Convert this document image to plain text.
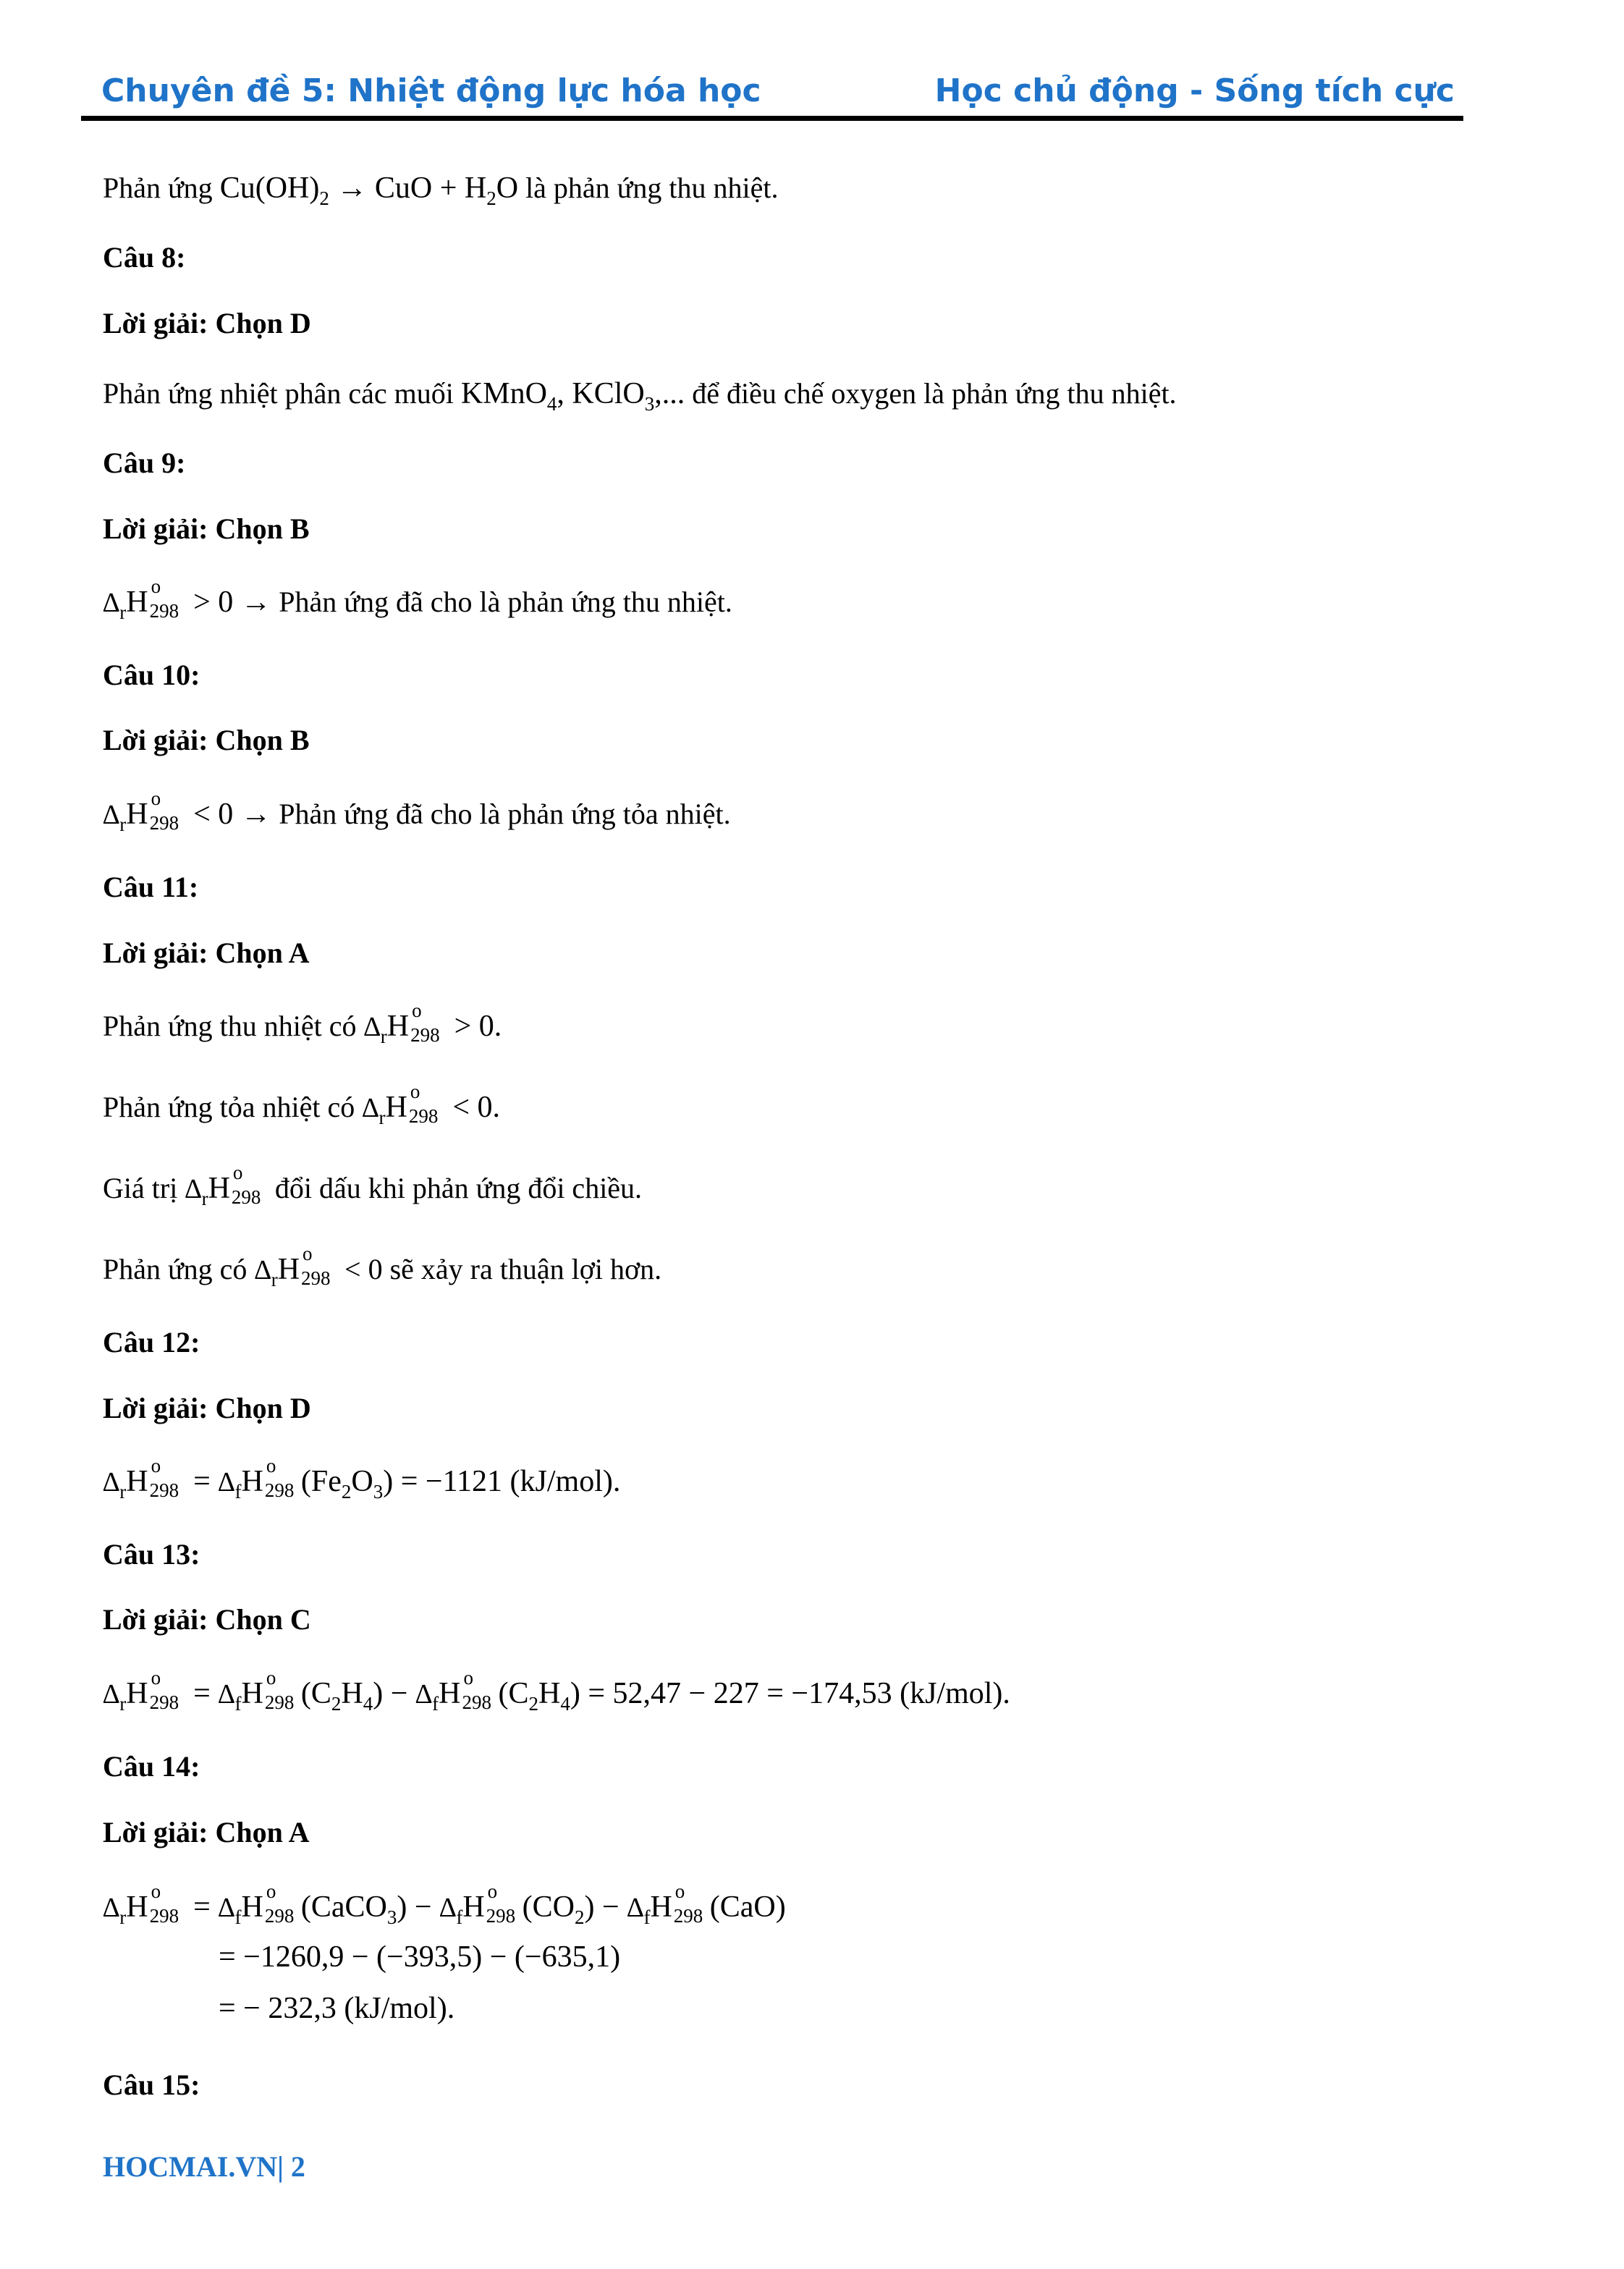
Chuyên đề 5: Nhiệt động lực hóa học	Học chủ động - Sống tích cực
Phản ứng $Cu(OH)_2$ → CuO + $H_2O$ là phản ứng thu nhiệt.
Câu 8:
Lời giải: Chọn D
Phản ứng nhiệt phân các muối KMnO$_4$, KClO$_3$,... để điều chế oxygen là phản ứng thu nhiệt.
Câu 9:
Lời giải: Chọn B
$\Delta_rH$ o
298 > 0 → Phản ứng đã cho là phản ứng thu nhiệt.
Câu 10:
Lời giải: Chọn B
$\Delta_rH$ o
298 < 0 → Phản ứng đã cho là phản ứng tỏa nhiệt.
Câu 11:
Lời giải: Chọn A
Phản ứng thu nhiệt có $\Delta_rH$ o
298 > 0.
Phản ứng tỏa nhiệt có $\Delta_rH$ o
298 < 0.
Giá trị $\Delta_rH$ o
298 đổi dấu khi phản ứng đổi chiều.
Phản ứng có $\Delta_rH$ o
298 < 0 sẽ xảy ra thuận lợi hơn.
Câu 12:
Lời giải: Chọn D
$\Delta_rH$ o
$298 = \Delta_fH$ o
298 $(Fe_2O_3) = -1121$ (kJ/mol).
Câu 13:
Lời giải: Chọn C
$\Delta_rH$ o
$298 = \Delta_fH$ o
298 $(C_2H_4) - \Delta_fH$ o
298 $(C_2H_4) = 52,47 - 227 = -174,53$ (kJ/mol).
Câu 14:
Lời giải: Chọn A
$\Delta_rH$ o
$298 = \Delta_fH$ o
298 (CaCO$_3$) − $\Delta_fH$ o
298 $(CO_2) - \Delta_fH$ o
298 (CaO)
= −1260,9 − (−393,5) − (−635,1)
= − 232,3 (kJ/mol).
Câu 15:
HOCMAI.VN| 2
